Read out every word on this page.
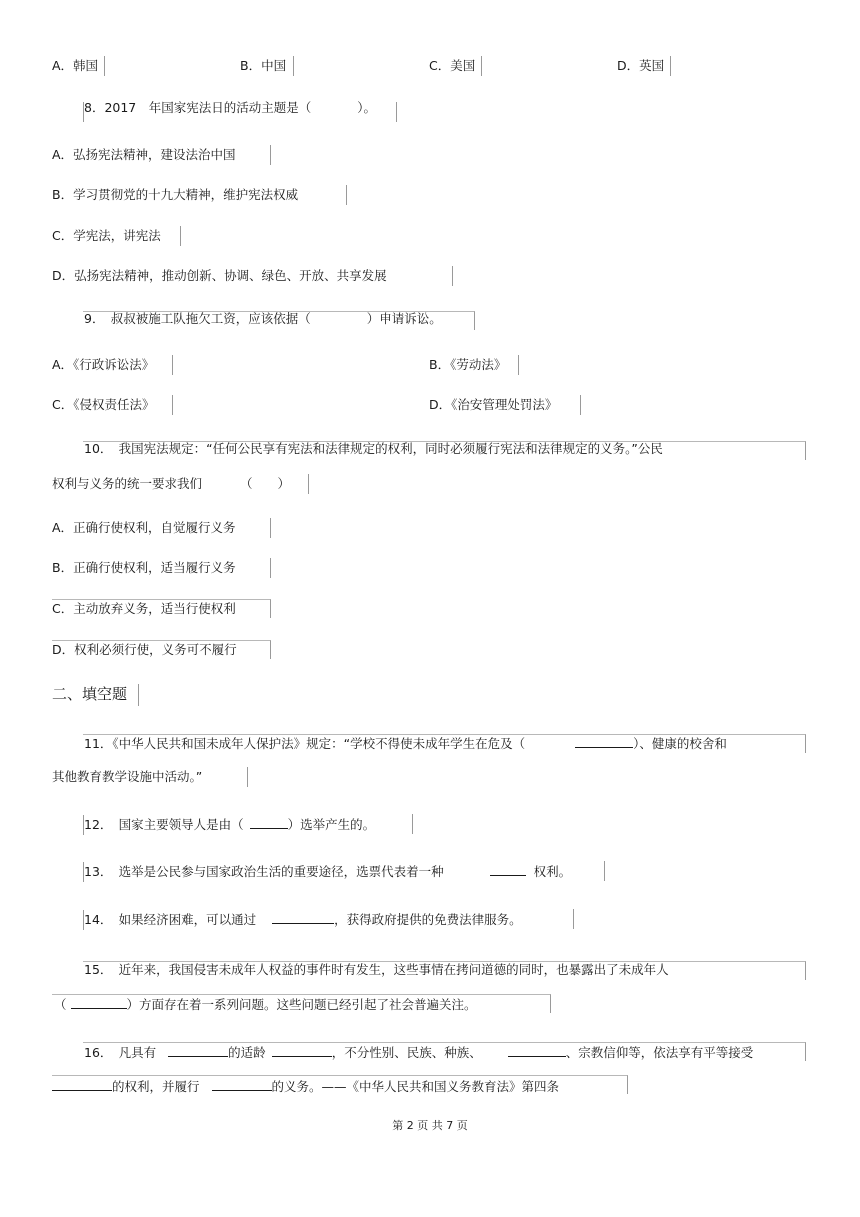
A．韩国	B．中国	C．美国	D．英国
8．2017　年国家宪法日的活动主题是（	）。
A．弘扬宪法精神，建设法治中国
B．学习贯彻党的十九大精神，维护宪法权威
C．学宪法，讲宪法
D．弘扬宪法精神，推动创新、协调、绿色、开放、共享发展
9．　叔叔被施工队拖欠工资，应该依据（	）申请诉讼。
A．《行政诉讼法》	B．《劳动法》
C．《侵权责任法》	D．《治安管理处罚法》
10．　我国宪法规定：“任何公民享有宪法和法律规定的权利，同时必须履行宪法和法律规定的义务。”公民
权利与义务的统一要求我们	（　　）
A．正确行使权利，自觉履行义务
B．正确行使权利，适当履行义务
C．主动放弃义务，适当行使权利
D．权利必须行使，义务可不履行
二、填空题
11．《中华人民共和国未成年人保护法》规定：“学校不得使未成年学生在危及（	）、健康的校舍和
其他教育教学设施中活动。”
12．　国家主要领导人是由（	）选举产生的。
13．　选举是公民参与国家政治生活的重要途径，选票代表着一种	权利。
14．　如果经济困难，可以通过	，获得政府提供的免费法律服务。
15．　近年来，我国侵害未成年人权益的事件时有发生，这些事情在拷问道德的同时，也暴露出了未成年人
（	）方面存在着一系列问题。这些问题已经引起了社会普遍关注。
16．　凡具有	的适龄	，不分性别、民族、种族、	、宗教信仰等，依法享有平等接受
的权利，并履行	的义务。——《中华人民共和国义务教育法》第四条
第 2 页 共 7 页
